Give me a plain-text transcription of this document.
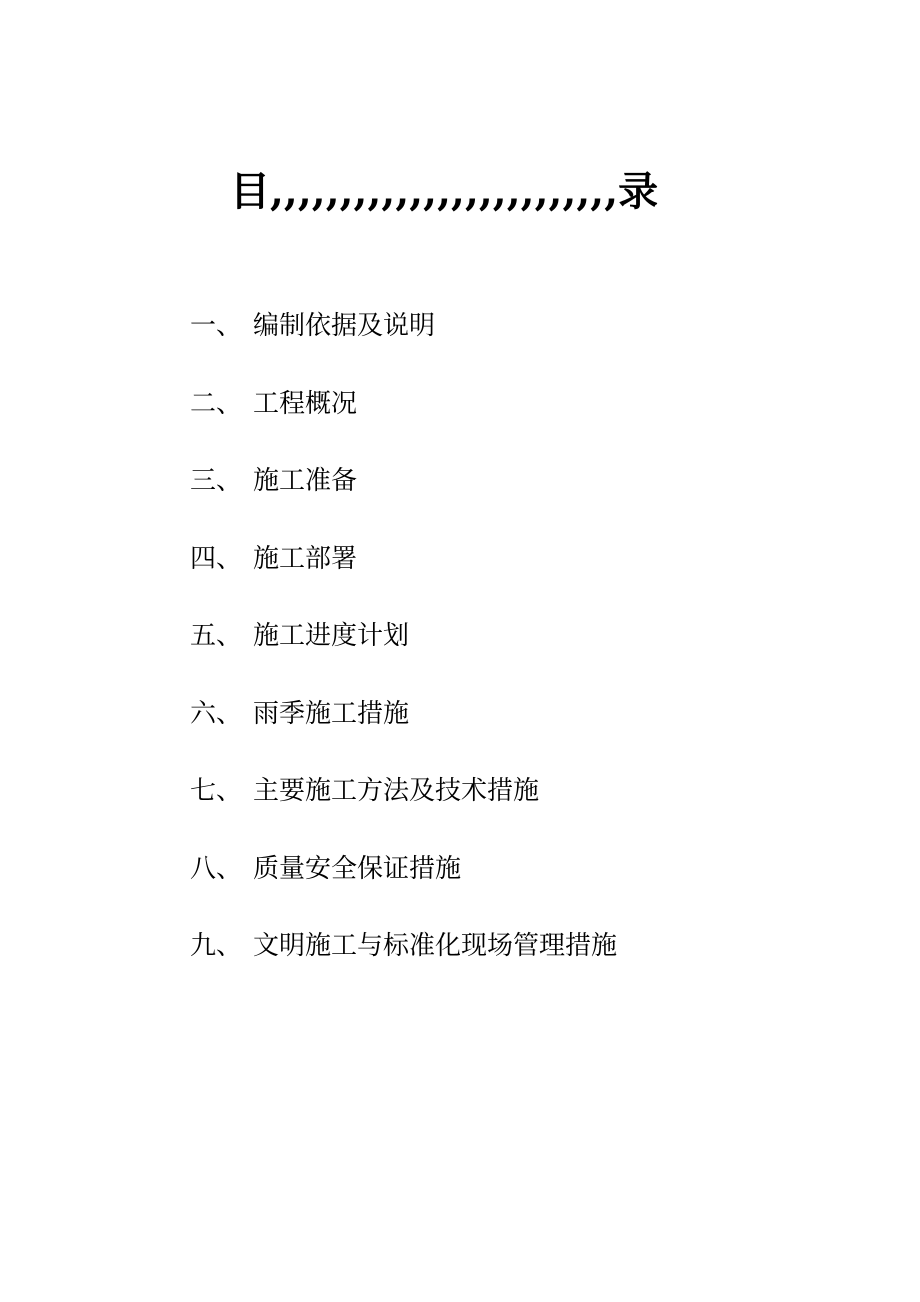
目,,,,,,,,,,,,,,,,,,,,,,,,,录
一、 编制依据及说明
二、 工程概况
三、 施工准备
四、 施工部署
五、 施工进度计划
六、 雨季施工措施
七、 主要施工方法及技术措施
八、 质量安全保证措施
九、 文明施工与标准化现场管理措施
